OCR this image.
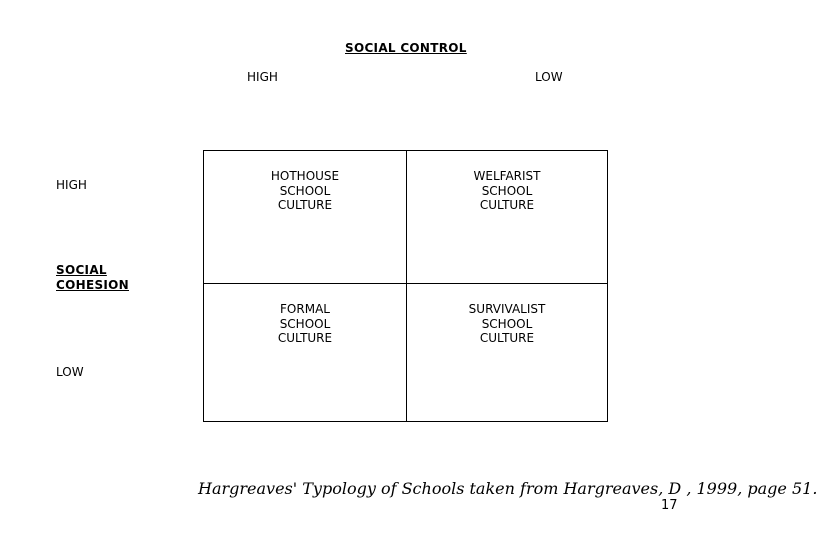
SOCIAL CONTROL
HIGH	LOW
HIGH
SOCIAL
COHESION
LOW
HOTHOUSE
SCHOOL
CULTURE
WELFARIST
SCHOOL
CULTURE
FORMAL
SCHOOL
CULTURE
SURVIVALIST
SCHOOL
CULTURE
Hargreaves' Typology of Schools taken from Hargreaves, D , 1999, page 51.
17
